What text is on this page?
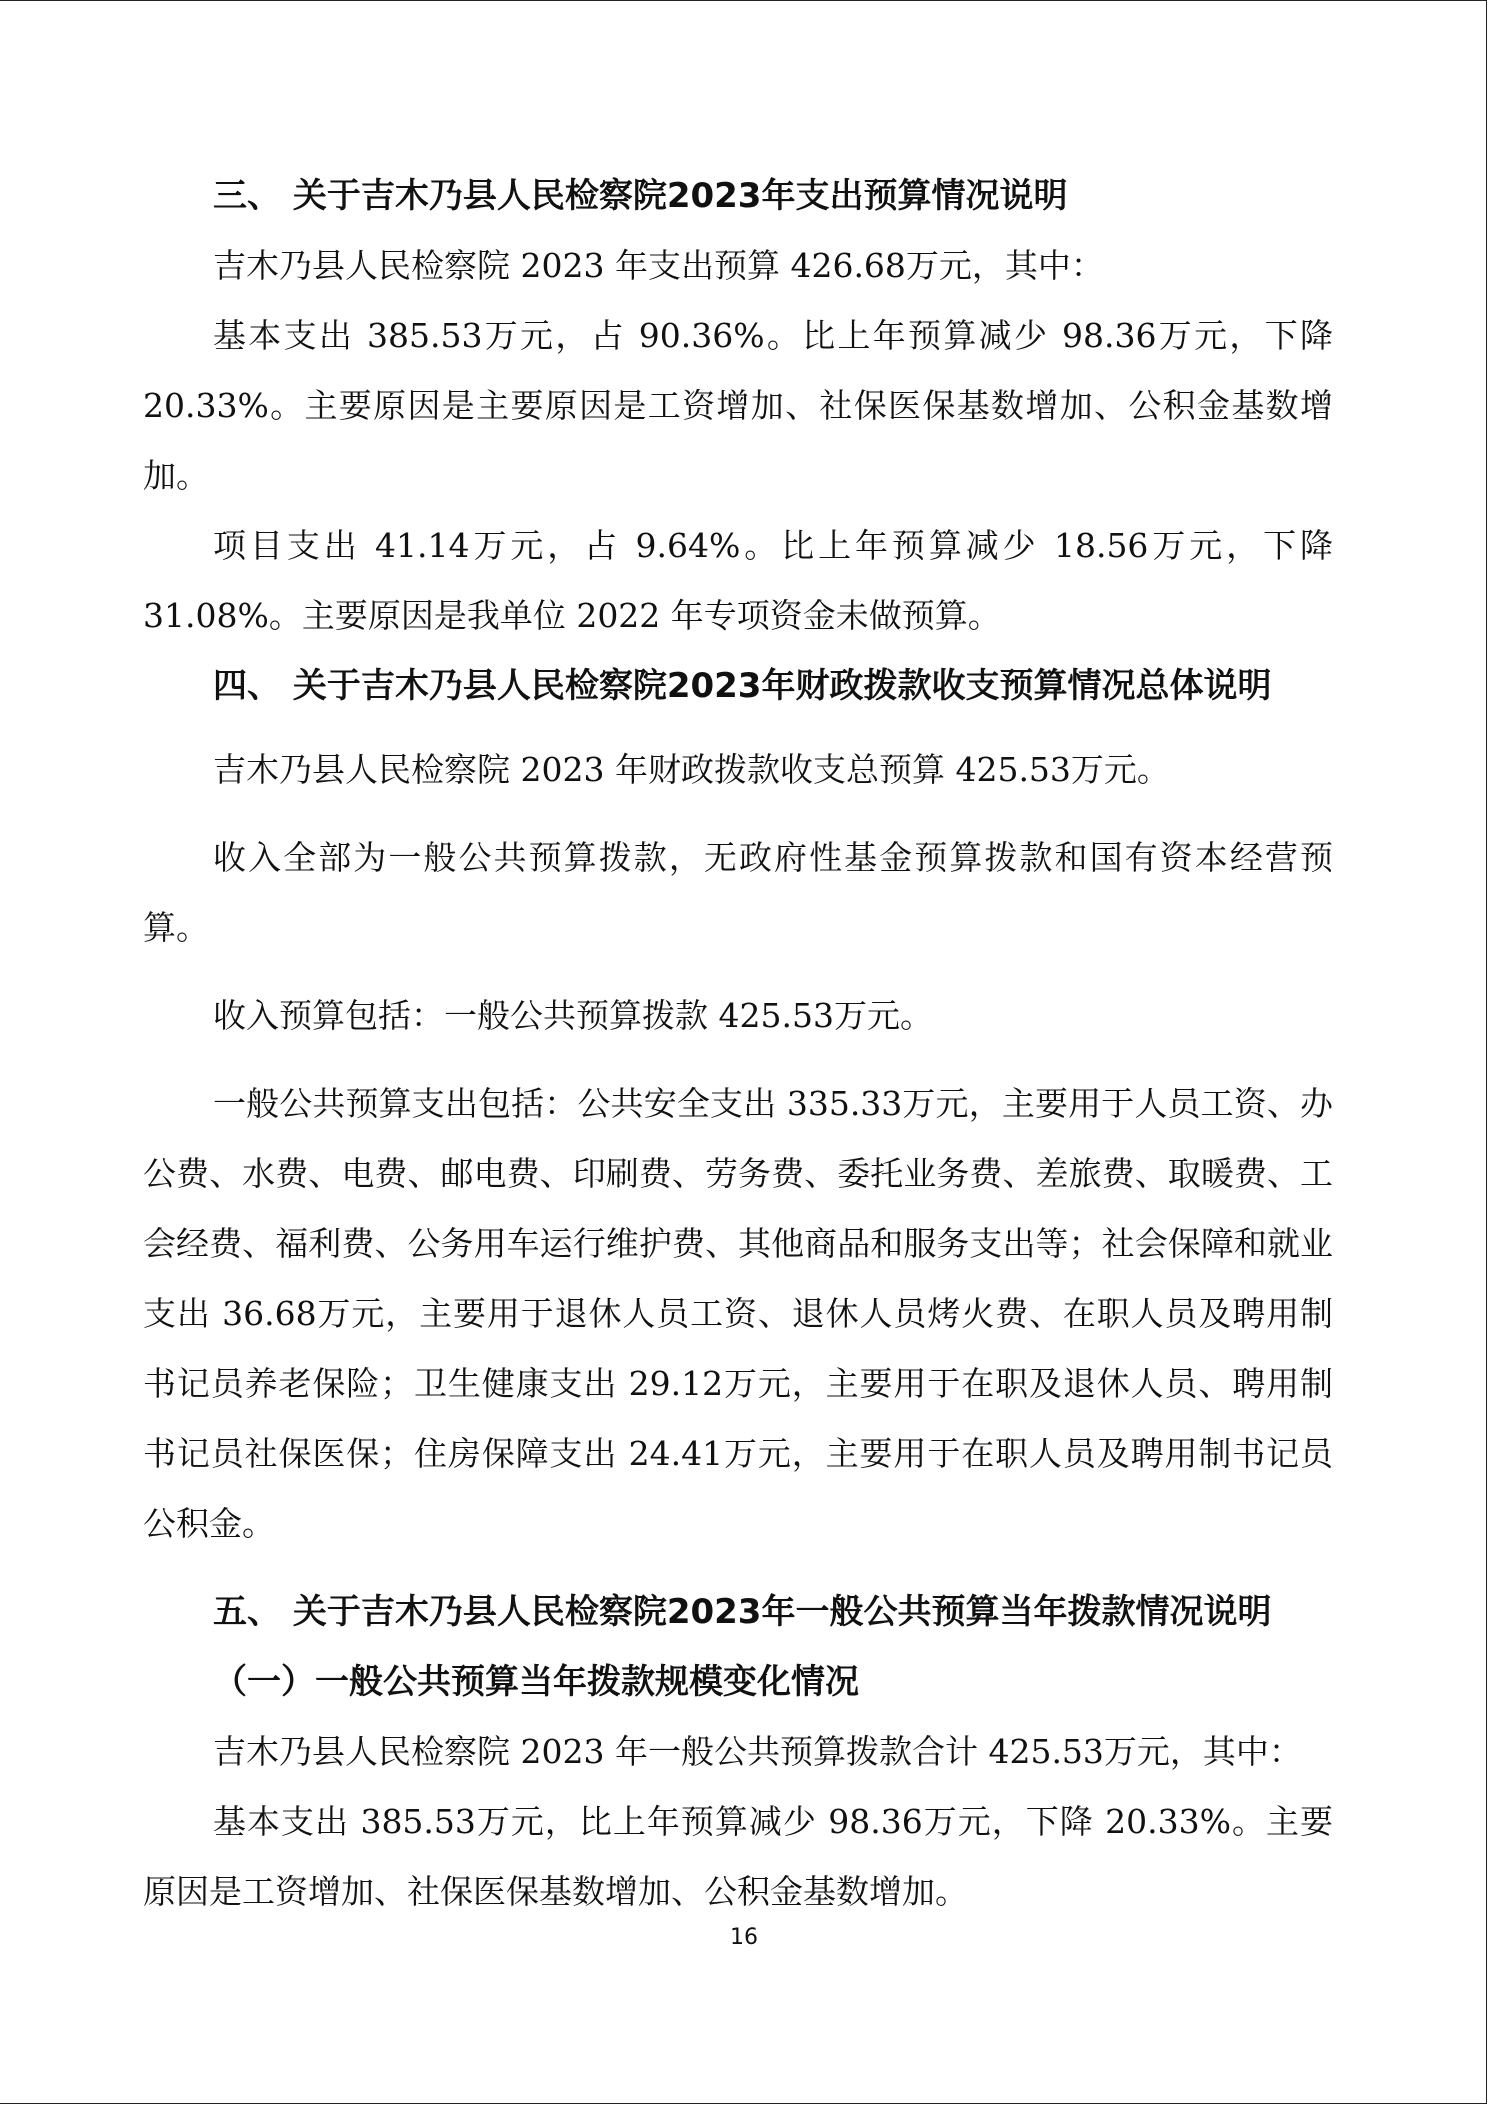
三、 关于吉木乃县人民检察院2023年支出预算情况说明

吉木乃县人民检察院 2023 年支出预算 426.68万元，其中：

基本支出 385.53万元，占 90.36%。比上年预算减少 98.36万元，下降 20.33%。主要原因是主要原因是工资增加、社保医保基数增加、公积金基数增加。

项目支出 41.14万元，占 9.64%。比上年预算减少 18.56万元，下降 31.08%。主要原因是我单位 2022 年专项资金未做预算。

四、 关于吉木乃县人民检察院2023年财政拨款收支预算情况总体说明

吉木乃县人民检察院 2023 年财政拨款收支总预算 425.53万元。

收入全部为一般公共预算拨款，无政府性基金预算拨款和国有资本经营预算。

收入预算包括：一般公共预算拨款 425.53万元。

一般公共预算支出包括：公共安全支出 335.33万元，主要用于人员工资、办公费、水费、电费、邮电费、印刷费、劳务费、委托业务费、差旅费、取暖费、工会经费、福利费、公务用车运行维护费、其他商品和服务支出等；社会保障和就业支出 36.68万元，主要用于退休人员工资、退休人员烤火费、在职人员及聘用制书记员养老保险；卫生健康支出 29.12万元，主要用于在职及退休人员、聘用制书记员社保医保；住房保障支出 24.41万元，主要用于在职人员及聘用制书记员公积金。

五、 关于吉木乃县人民检察院2023年一般公共预算当年拨款情况说明
（一）一般公共预算当年拨款规模变化情况

吉木乃县人民检察院 2023 年一般公共预算拨款合计 425.53万元，其中：

基本支出 385.53万元，比上年预算减少 98.36万元，下降 20.33%。主要原因是工资增加、社保医保基数增加、公积金基数增加。

16
